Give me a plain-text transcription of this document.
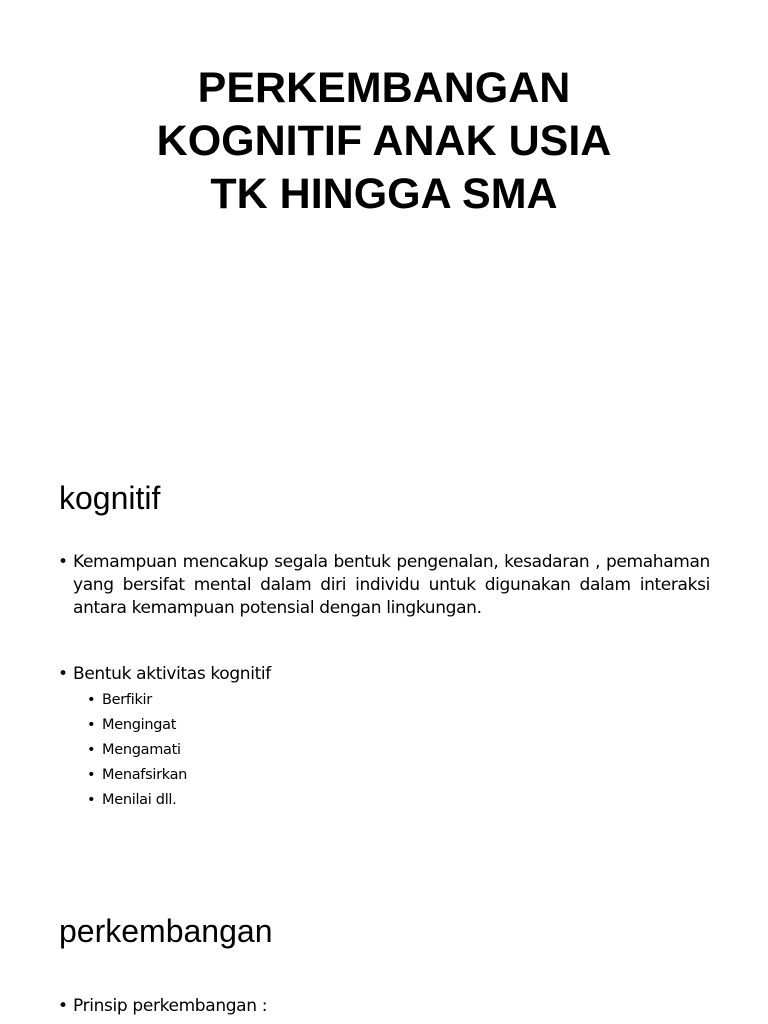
PERKEMBANGAN
KOGNITIF ANAK USIA
TK HINGGA SMA
kognitif
• Kemampuan mencakup segala bentuk pengenalan, kesadaran , pemahaman yang bersifat mental dalam diri individu untuk digunakan dalam interaksi antara kemampuan potensial dengan lingkungan.
• Bentuk aktivitas kognitif
• Berfikir
• Mengingat
• Mengamati
• Menafsirkan
• Menilai dll.
perkembangan
• Prinsip perkembangan :
